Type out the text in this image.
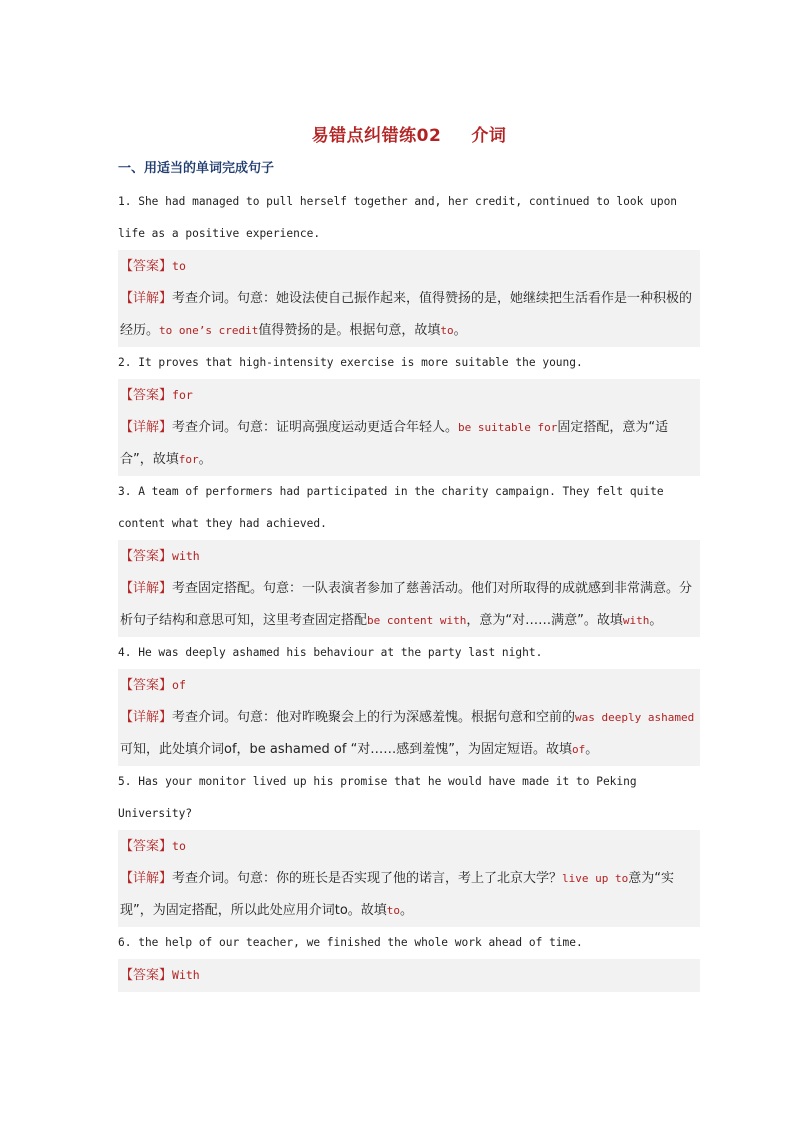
易错点纠错练02 介词
一、用适当的单词完成句子

1. She had managed to pull herself together and, her credit, continued to look upon life as a positive experience.

【答案】to
【详解】考查介词。句意：她设法使自己振作起来，值得赞扬的是，她继续把生活看作是一种积极的经历。to one’s credit值得赞扬的是。根据句意，故填to。

2. It proves that high-intensity exercise is more suitable the young.

【答案】for
【详解】考查介词。句意：证明高强度运动更适合年轻人。be suitable for固定搭配，意为“适合”，故填for。

3. A team of performers had participated in the charity campaign. They felt quite content what they had achieved.

【答案】with
【详解】考查固定搭配。句意：一队表演者参加了慈善活动。他们对所取得的成就感到非常满意。分析句子结构和意思可知，这里考查固定搭配be content with，意为“对……满意”。故填with。

4. He was deeply ashamed his behaviour at the party last night.

【答案】of
【详解】考查介词。句意：他对昨晚聚会上的行为深感羞愧。根据句意和空前的was deeply ashamed可知，此处填介词of，be ashamed of “对……感到羞愧”，为固定短语。故填of。

5. Has your monitor lived up his promise that he would have made it to Peking University?

【答案】to
【详解】考查介词。句意：你的班长是否实现了他的诺言，考上了北京大学？live up to意为“实现”，为固定搭配，所以此处应用介词to。故填to。

6. the help of our teacher, we finished the whole work ahead of time.

【答案】With
